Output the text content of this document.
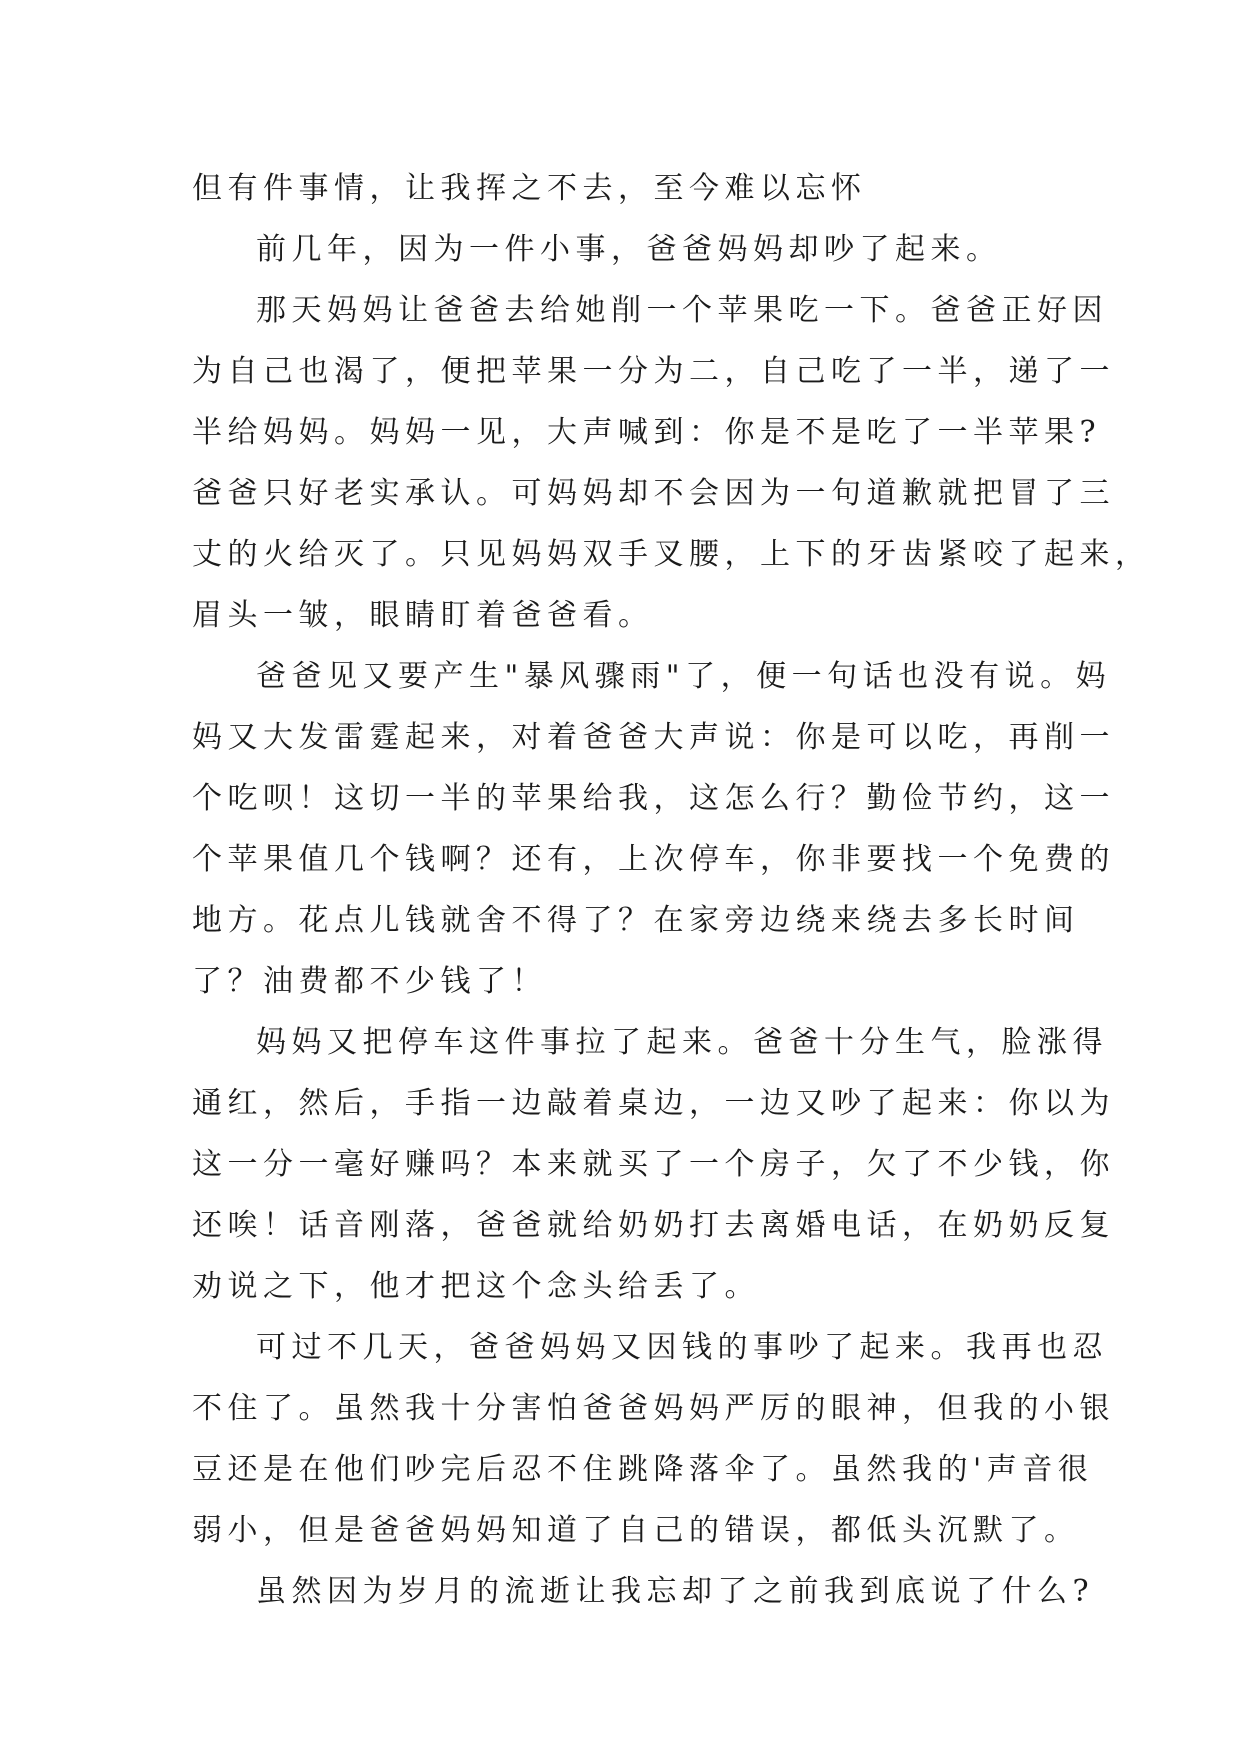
但有件事情，让我挥之不去，至今难以忘怀
前几年，因为一件小事，爸爸妈妈却吵了起来。
那天妈妈让爸爸去给她削一个苹果吃一下。爸爸正好因
为自己也渴了，便把苹果一分为二，自己吃了一半，递了一
半给妈妈。妈妈一见，大声喊到：你是不是吃了一半苹果?
爸爸只好老实承认。可妈妈却不会因为一句道歉就把冒了三
丈的火给灭了。只见妈妈双手叉腰，上下的牙齿紧咬了起来，
眉头一皱，眼睛盯着爸爸看。
爸爸见又要产生"暴风骤雨"了，便一句话也没有说。妈
妈又大发雷霆起来，对着爸爸大声说：你是可以吃，再削一
个吃呗！这切一半的苹果给我，这怎么行？勤俭节约，这一
个苹果值几个钱啊？还有，上次停车，你非要找一个免费的
地方。花点儿钱就舍不得了？在家旁边绕来绕去多长时间
了？油费都不少钱了！
妈妈又把停车这件事拉了起来。爸爸十分生气，脸涨得
通红，然后，手指一边敲着桌边，一边又吵了起来：你以为
这一分一毫好赚吗？本来就买了一个房子，欠了不少钱，你
还唉！话音刚落，爸爸就给奶奶打去离婚电话，在奶奶反复
劝说之下，他才把这个念头给丢了。
可过不几天，爸爸妈妈又因钱的事吵了起来。我再也忍
不住了。虽然我十分害怕爸爸妈妈严厉的眼神，但我的小银
豆还是在他们吵完后忍不住跳降落伞了。虽然我的'声音很
弱小，但是爸爸妈妈知道了自己的错误，都低头沉默了。
虽然因为岁月的流逝让我忘却了之前我到底说了什么?
